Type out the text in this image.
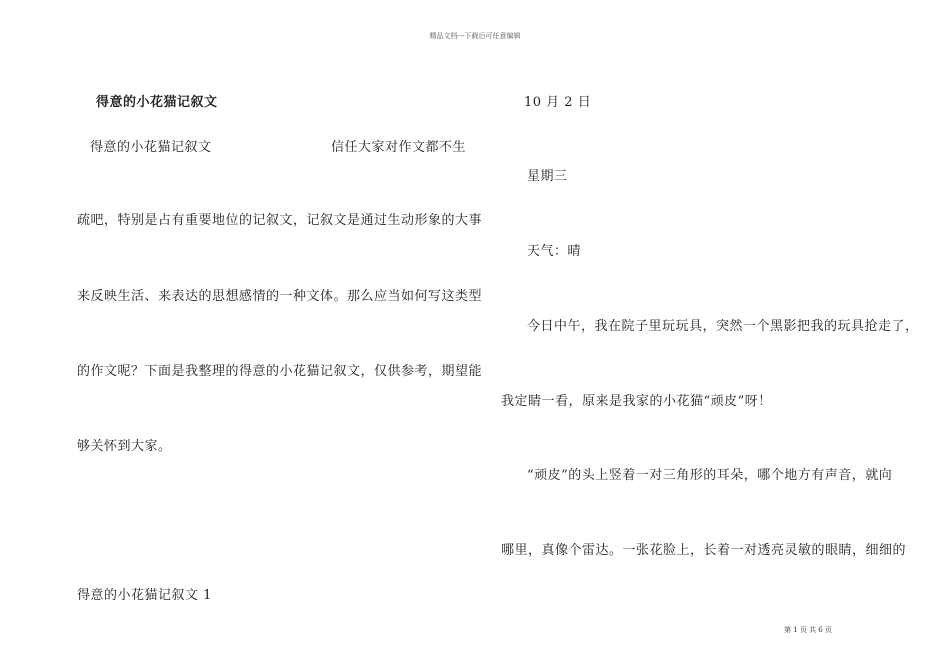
精品文档---下载后可任意编辑
得意的小花猫记叙文
得意的小花猫记叙文	信任大家对作文都不生
疏吧，特别是占有重要地位的记叙文，记叙文是通过生动形象的大事
来反映生活、来表达的思想感情的一种文体。那么应当如何写这类型
的作文呢？下面是我整理的得意的小花猫记叙文，仅供参考，期望能
够关怀到大家。
得意的小花猫记叙文 1
10 月 2 日
星期三
天气：晴
今日中午，我在院子里玩玩具，突然一个黑影把我的玩具抢走了，
我定睛一看，原来是我家的小花猫“顽皮”呀！
“顽皮”的头上竖着一对三角形的耳朵，哪个地方有声音，就向
哪里，真像个雷达。一张花脸上，长着一对透亮灵敏的眼睛，细细的
第 1 页 共 6 页
